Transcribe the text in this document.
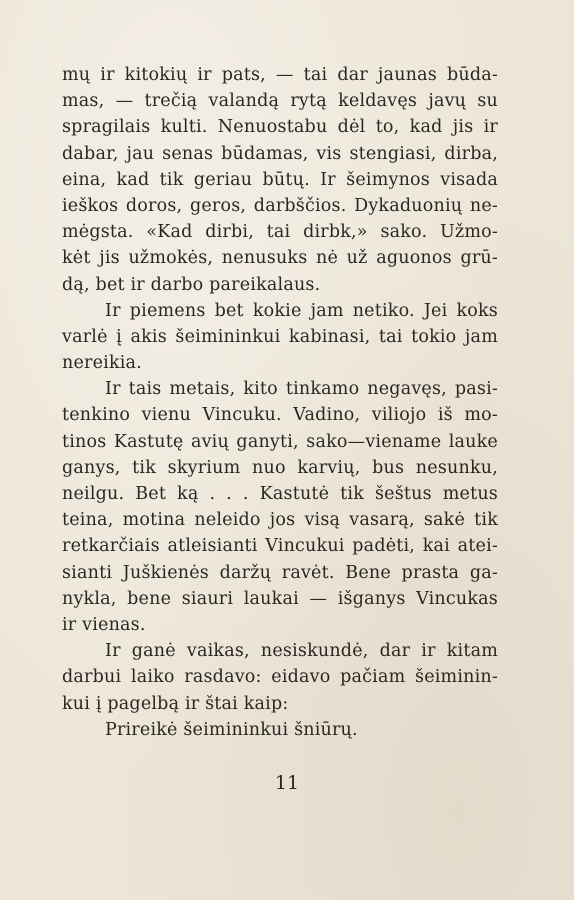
mų ir kitokių ir pats, — tai dar jaunas būda-
mas, — trečią valandą rytą keldavęs javų su
spragilais kulti. Nenuostabu dėl to, kad jis ir
dabar, jau senas būdamas, vis stengiasi, dirba,
eina, kad tik geriau būtų. Ir šeimynos visada
ieškos doros, geros, darbščios. Dykaduonių ne-
mėgsta. «Kad dirbi, tai dirbk,» sako. Užmo-
kėt jis užmokės, nenusuks nė už aguonos grū-
dą, bet ir darbo pareikalaus.
Ir piemens bet kokie jam netiko. Jei koks
varlė į akis šeimininkui kabinasi, tai tokio jam
nereikia.
Ir tais metais, kito tinkamo negavęs, pasi-
tenkino vienu Vincuku. Vadino, viliojo iš mo-
tinos Kastutę avių ganyti, sako—viename lauke
ganys, tik skyrium nuo karvių, bus nesunku,
neilgu. Bet ką . . . Kastutė tik šeštus metus
teina, motina neleido jos visą vasarą, sakė tik
retkarčiais atleisianti Vincukui padėti, kai atei-
sianti Juškienės daržų ravėt. Bene prasta ga-
nykla, bene siauri laukai — išganys Vincukas
ir vienas.
Ir ganė vaikas, nesiskundė, dar ir kitam
darbui laiko rasdavo: eidavo pačiam šeiminin-
kui į pagelbą ir štai kaip:
Prireikė šeimininkui šniūrų.
11
